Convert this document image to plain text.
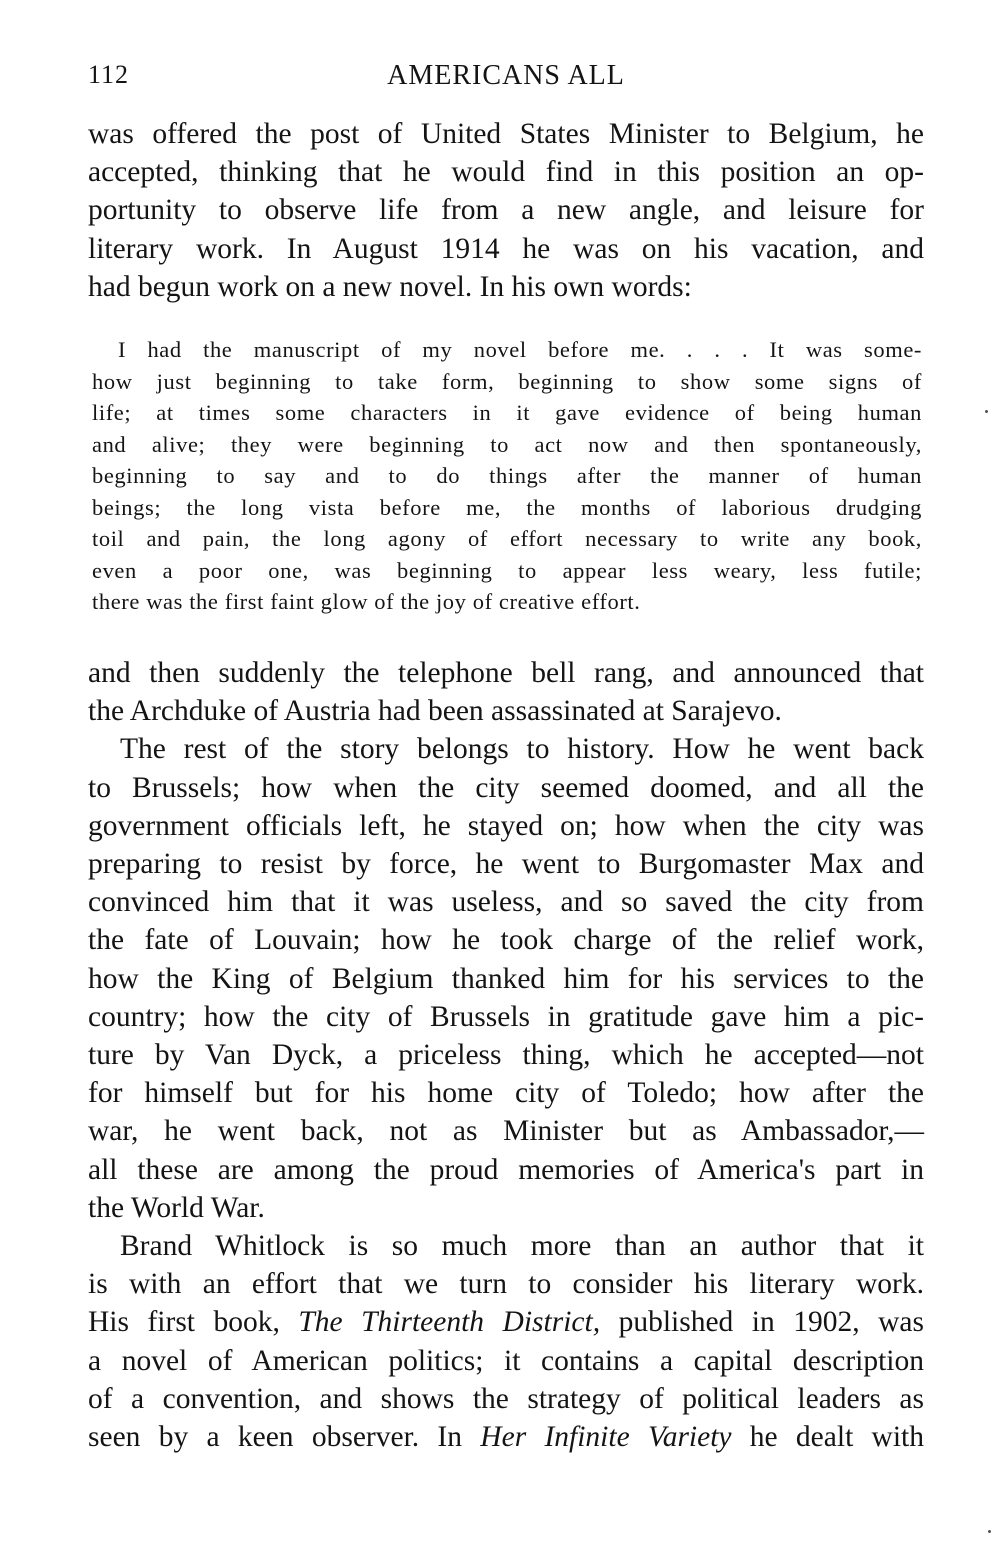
112	AMERICANS ALL
was offered the post of United States Minister to Belgium, he
accepted, thinking that he would find in this position an op-
portunity to observe life from a new angle, and leisure for
literary work. In August 1914 he was on his vacation, and
had begun work on a new novel. In his own words:
I had the manuscript of my novel before me. . . . It was some-
how just beginning to take form, beginning to show some signs of
life; at times some characters in it gave evidence of being human
and alive; they were beginning to act now and then spontaneously,
beginning to say and to do things after the manner of human
beings; the long vista before me, the months of laborious drudging
toil and pain, the long agony of effort necessary to write any book,
even a poor one, was beginning to appear less weary, less futile;
there was the first faint glow of the joy of creative effort.
and then suddenly the telephone bell rang, and announced that
the Archduke of Austria had been assassinated at Sarajevo.
The rest of the story belongs to history. How he went back
to Brussels; how when the city seemed doomed, and all the
government officials left, he stayed on; how when the city was
preparing to resist by force, he went to Burgomaster Max and
convinced him that it was useless, and so saved the city from
the fate of Louvain; how he took charge of the relief work,
how the King of Belgium thanked him for his services to the
country; how the city of Brussels in gratitude gave him a pic-
ture by Van Dyck, a priceless thing, which he accepted—not
for himself but for his home city of Toledo; how after the
war, he went back, not as Minister but as Ambassador,—
all these are among the proud memories of America's part in
the World War.
Brand Whitlock is so much more than an author that it
is with an effort that we turn to consider his literary work.
His first book, The Thirteenth District, published in 1902, was
a novel of American politics; it contains a capital description
of a convention, and shows the strategy of political leaders as
seen by a keen observer. In Her Infinite Variety he dealt with
